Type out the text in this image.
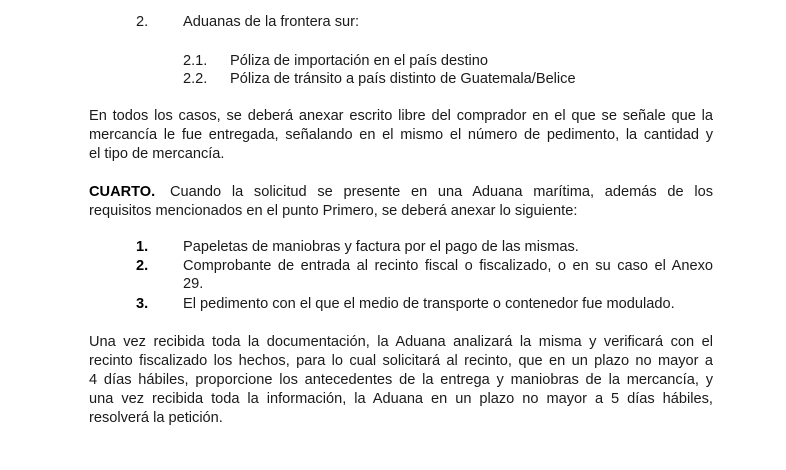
2. Aduanas de la frontera sur:
2.1. Póliza de importación en el país destino
2.2. Póliza de tránsito a país distinto de Guatemala/Belice
En todos los casos, se deberá anexar escrito libre del comprador en el que se señale que la
mercancía le fue entregada, señalando en el mismo el número de pedimento, la cantidad y
el tipo de mercancía.
CUARTO. Cuando la solicitud se presente en una Aduana marítima, además de los
requisitos mencionados en el punto Primero, se deberá anexar lo siguiente:
1. Papeletas de maniobras y factura por el pago de las mismas.
2. Comprobante de entrada al recinto fiscal o fiscalizado, o en su caso el Anexo
29.
3. El pedimento con el que el medio de transporte o contenedor fue modulado.
Una vez recibida toda la documentación, la Aduana analizará la misma y verificará con el
recinto fiscalizado los hechos, para lo cual solicitará al recinto, que en un plazo no mayor a
4 días hábiles, proporcione los antecedentes de la entrega y maniobras de la mercancía, y
una vez recibida toda la información, la Aduana en un plazo no mayor a 5 días hábiles,
resolverá la petición.
